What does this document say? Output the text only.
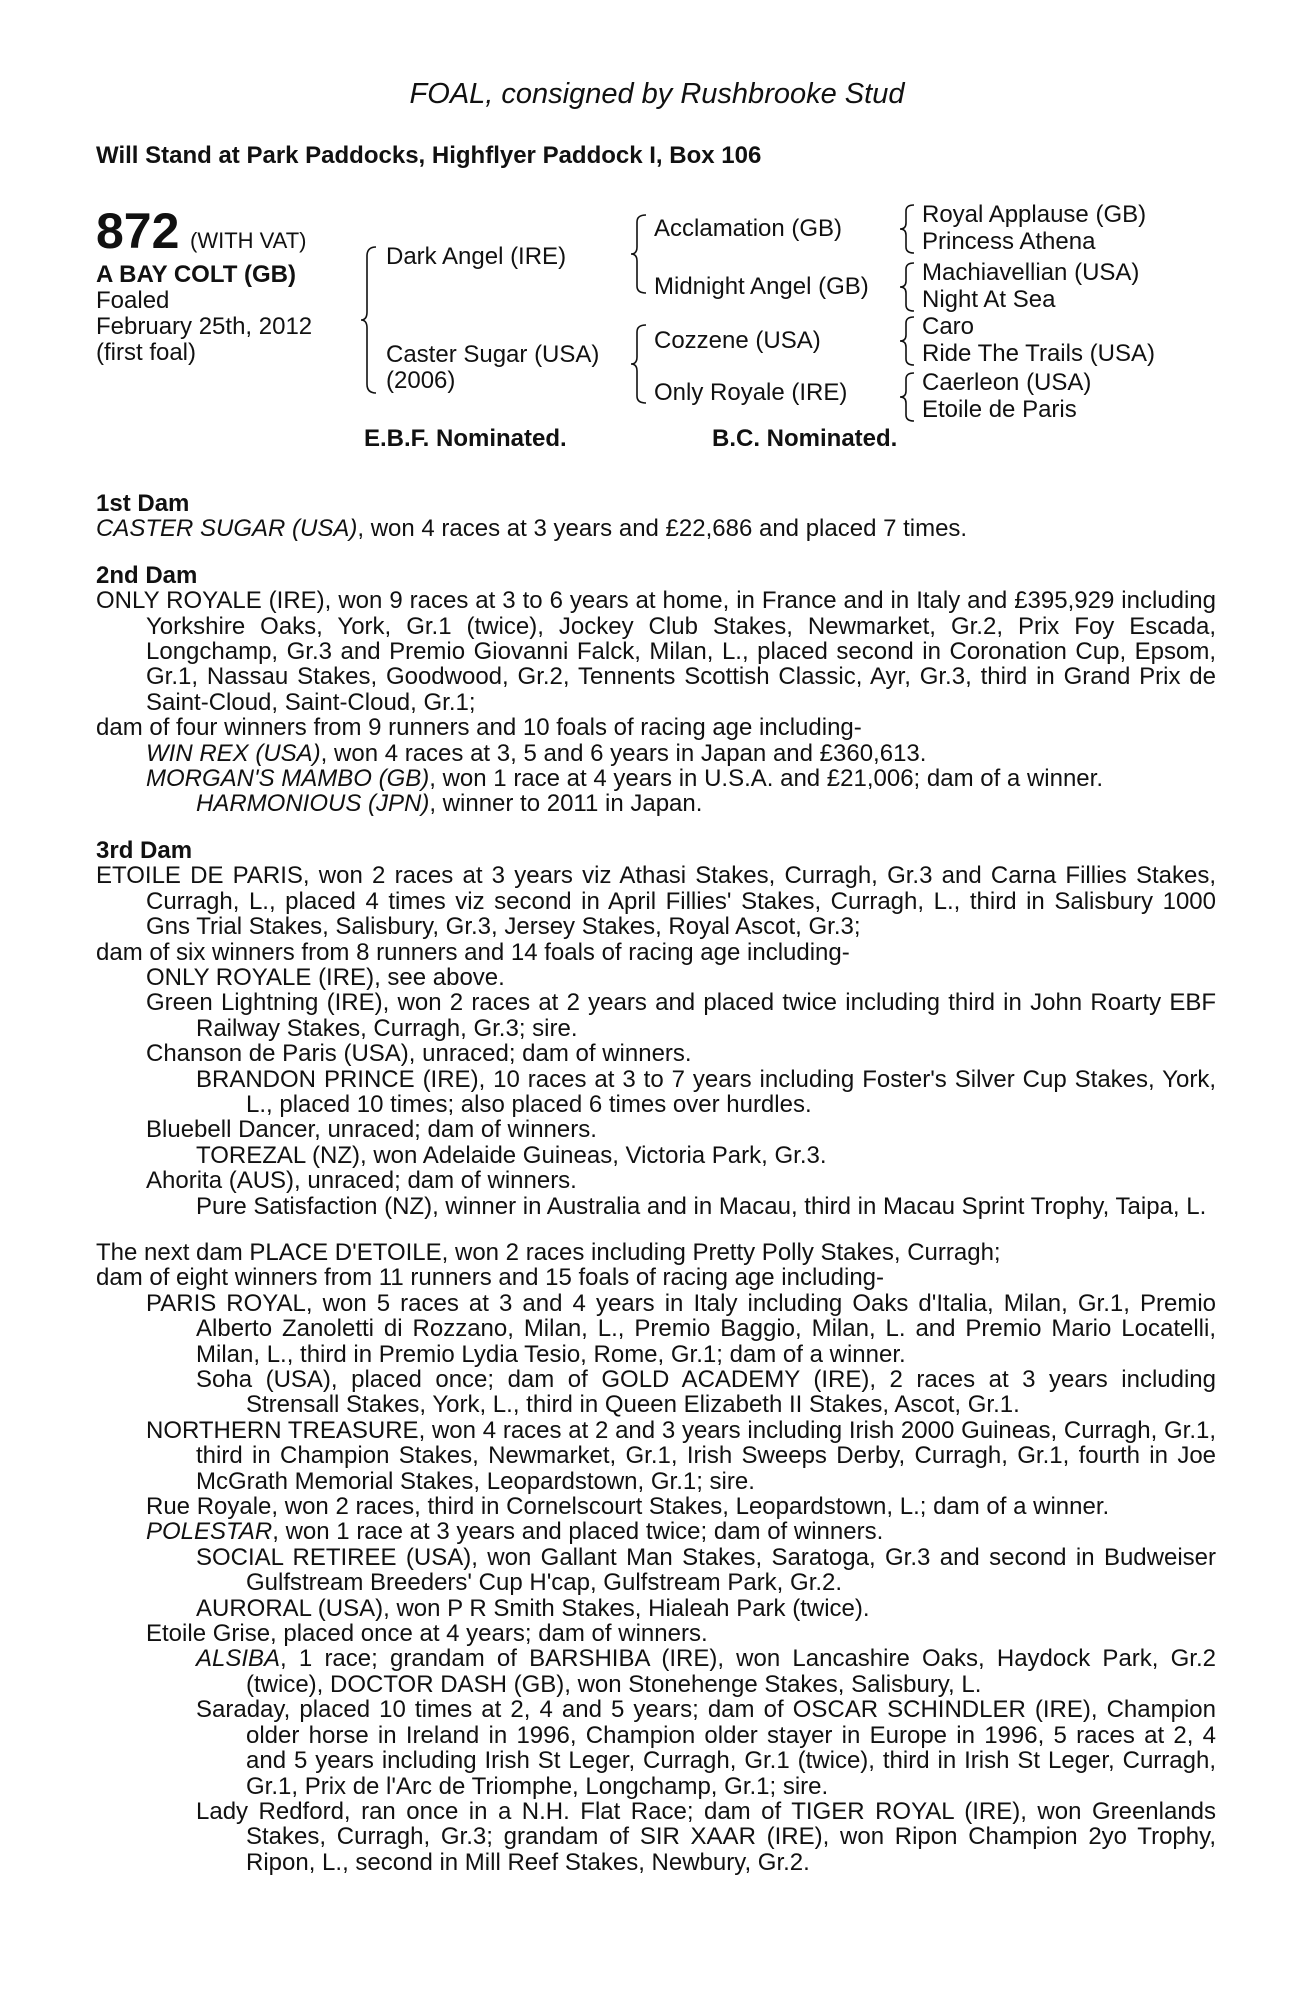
FOAL, consigned by Rushbrooke Stud
Will Stand at Park Paddocks, Highflyer Paddock I, Box 106
872 (WITH VAT)
A BAY COLT (GB)
Foaled
February 25th, 2012
(first foal)
Dark Angel (IRE)
Caster Sugar (USA)
(2006)
Acclamation (GB)
Midnight Angel (GB)
Cozzene (USA)
Only Royale (IRE)
Royal Applause (GB)
Princess Athena
Machiavellian (USA)
Night At Sea
Caro
Ride The Trails (USA)
Caerleon (USA)
Etoile de Paris
E.B.F. Nominated.	B.C. Nominated.

1st Dam

CASTER SUGAR (USA), won 4 races at 3 years and £22,686 and placed 7 times.

2nd Dam

ONLY ROYALE (IRE), won 9 races at 3 to 6 years at home, in France and in Italy and £395,929 including Yorkshire Oaks, York, Gr.1 (twice), Jockey Club Stakes, Newmarket, Gr.2, Prix Foy Escada, Longchamp, Gr.3 and Premio Giovanni Falck, Milan, L., placed second in Coronation Cup, Epsom, Gr.1, Nassau Stakes, Goodwood, Gr.2, Tennents Scottish Classic, Ayr, Gr.3, third in Grand Prix de Saint-Cloud, Saint-Cloud, Gr.1;

dam of four winners from 9 runners and 10 foals of racing age including-

WIN REX (USA), won 4 races at 3, 5 and 6 years in Japan and £360,613.

MORGAN'S MAMBO (GB), won 1 race at 4 years in U.S.A. and £21,006; dam of a winner.

HARMONIOUS (JPN), winner to 2011 in Japan.

3rd Dam

ETOILE DE PARIS, won 2 races at 3 years viz Athasi Stakes, Curragh, Gr.3 and Carna Fillies Stakes, Curragh, L., placed 4 times viz second in April Fillies' Stakes, Curragh, L., third in Salisbury 1000 Gns Trial Stakes, Salisbury, Gr.3, Jersey Stakes, Royal Ascot, Gr.3;

dam of six winners from 8 runners and 14 foals of racing age including-

ONLY ROYALE (IRE), see above.

Green Lightning (IRE), won 2 races at 2 years and placed twice including third in John Roarty EBF Railway Stakes, Curragh, Gr.3; sire.

Chanson de Paris (USA), unraced; dam of winners.

BRANDON PRINCE (IRE), 10 races at 3 to 7 years including Foster's Silver Cup Stakes, York, L., placed 10 times; also placed 6 times over hurdles.

Bluebell Dancer, unraced; dam of winners.

TOREZAL (NZ), won Adelaide Guineas, Victoria Park, Gr.3.

Ahorita (AUS), unraced; dam of winners.

Pure Satisfaction (NZ), winner in Australia and in Macau, third in Macau Sprint Trophy, Taipa, L.

The next dam PLACE D'ETOILE, won 2 races including Pretty Polly Stakes, Curragh;

dam of eight winners from 11 runners and 15 foals of racing age including-

PARIS ROYAL, won 5 races at 3 and 4 years in Italy including Oaks d'Italia, Milan, Gr.1, Premio Alberto Zanoletti di Rozzano, Milan, L., Premio Baggio, Milan, L. and Premio Mario Locatelli, Milan, L., third in Premio Lydia Tesio, Rome, Gr.1; dam of a winner.

Soha (USA), placed once; dam of GOLD ACADEMY (IRE), 2 races at 3 years including Strensall Stakes, York, L., third in Queen Elizabeth II Stakes, Ascot, Gr.1.

NORTHERN TREASURE, won 4 races at 2 and 3 years including Irish 2000 Guineas, Curragh, Gr.1, third in Champion Stakes, Newmarket, Gr.1, Irish Sweeps Derby, Curragh, Gr.1, fourth in Joe McGrath Memorial Stakes, Leopardstown, Gr.1; sire.

Rue Royale, won 2 races, third in Cornelscourt Stakes, Leopardstown, L.; dam of a winner.

POLESTAR, won 1 race at 3 years and placed twice; dam of winners.

SOCIAL RETIREE (USA), won Gallant Man Stakes, Saratoga, Gr.3 and second in Budweiser Gulfstream Breeders' Cup H'cap, Gulfstream Park, Gr.2.

AURORAL (USA), won P R Smith Stakes, Hialeah Park (twice).

Etoile Grise, placed once at 4 years; dam of winners.

ALSIBA, 1 race; grandam of BARSHIBA (IRE), won Lancashire Oaks, Haydock Park, Gr.2 (twice), DOCTOR DASH (GB), won Stonehenge Stakes, Salisbury, L.

Saraday, placed 10 times at 2, 4 and 5 years; dam of OSCAR SCHINDLER (IRE), Champion older horse in Ireland in 1996, Champion older stayer in Europe in 1996, 5 races at 2, 4 and 5 years including Irish St Leger, Curragh, Gr.1 (twice), third in Irish St Leger, Curragh, Gr.1, Prix de l'Arc de Triomphe, Longchamp, Gr.1; sire.

Lady Redford, ran once in a N.H. Flat Race; dam of TIGER ROYAL (IRE), won Greenlands Stakes, Curragh, Gr.3; grandam of SIR XAAR (IRE), won Ripon Champion 2yo Trophy, Ripon, L., second in Mill Reef Stakes, Newbury, Gr.2.
